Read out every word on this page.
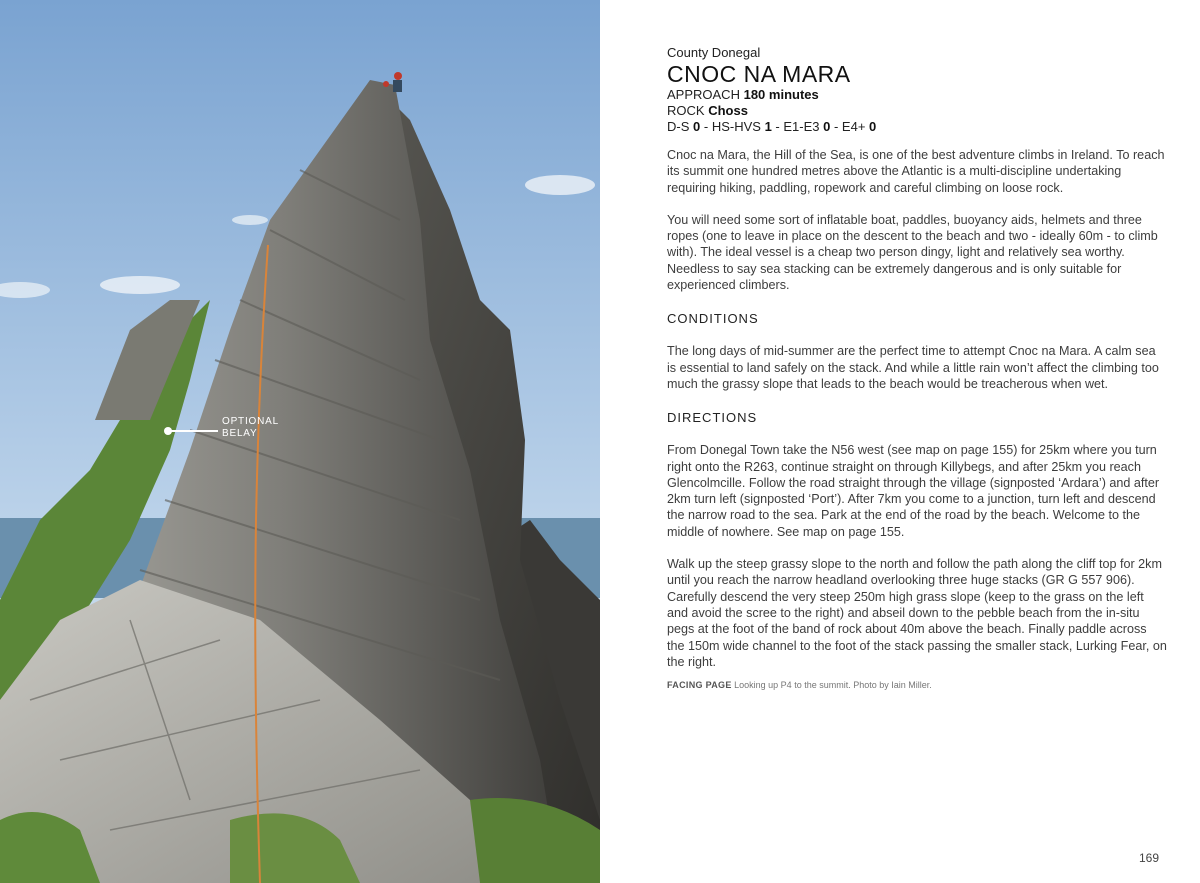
OPTIONAL
BELAY

County Donegal

CNOC NA MARA

APPROACH 180 minutes

ROCK Choss

D-S 0 - HS-HVS 1 - E1-E3 0 - E4+ 0

Cnoc na Mara, the Hill of the Sea, is one of the best adventure climbs in Ireland. To reach its summit one hundred metres above the Atlantic is a multi-discipline undertaking requiring hiking, paddling, ropework and careful climbing on loose rock.

You will need some sort of inflatable boat, paddles, buoyancy aids, helmets and three ropes (one to leave in place on the descent to the beach and two - ideally 60m - to climb with). The ideal vessel is a cheap two person dingy, light and relatively sea worthy. Needless to say sea stacking can be extremely dangerous and is only suitable for experienced climbers.

CONDITIONS

The long days of mid-summer are the perfect time to attempt Cnoc na Mara. A calm sea is essential to land safely on the stack. And while a little rain won’t affect the climbing too much the grassy slope that leads to the beach would be treacherous when wet.

DIRECTIONS

From Donegal Town take the N56 west (see map on page 155) for 25km where you turn right onto the R263, continue straight on through Killybegs, and after 25km you reach Glencolmcille. Follow the road straight through the village (signposted ‘Ardara’) and after 2km turn left (signposted ‘Port’). After 7km you come to a junction, turn left and descend the narrow road to the sea. Park at the end of the road by the beach. Welcome to the middle of nowhere. See map on page 155.

Walk up the steep grassy slope to the north and follow the path along the cliff top for 2km until you reach the narrow headland overlooking three huge stacks (GR G 557 906). Carefully descend the very steep 250m high grass slope (keep to the grass on the left and avoid the scree to the right) and abseil down to the pebble beach from the in-situ pegs at the foot of the band of rock about 40m above the beach. Finally paddle across the 150m wide channel to the foot of the stack passing the smaller stack, Lurking Fear, on the right.

FACING PAGE Looking up P4 to the summit. Photo by Iain Miller.

169
